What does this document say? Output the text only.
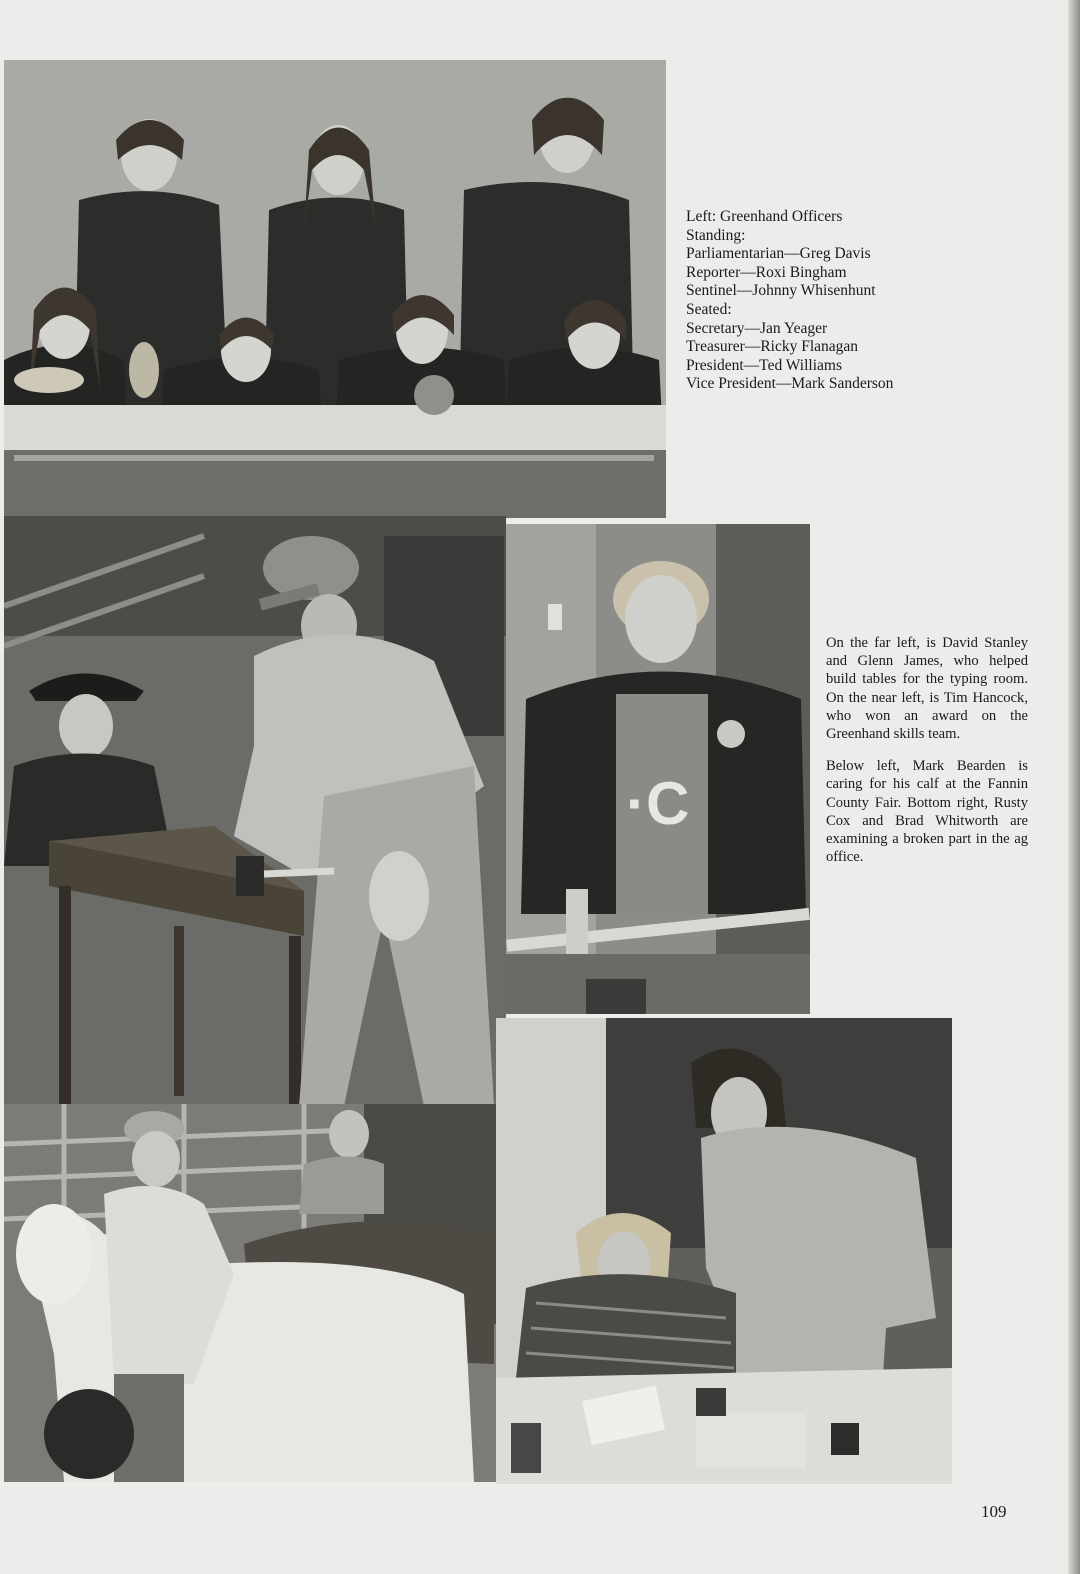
Left: Greenhand Officers
Standing:
Parliamentarian—Greg Davis
Reporter—Roxi Bingham
Sentinel—Johnny Whisenhunt
Seated:
Secretary—Jan Yeager
Treasurer—Ricky Flanagan
President—Ted Williams
Vice President—Mark Sanderson
·C

On the far left, is David Stanley and Glenn James, who helped build tables for the typing room. On the near left, is Tim Hancock, who won an award on the Greenhand skills team.

Below left, Mark Bearden is caring for his calf at the Fannin County Fair. Bottom right, Rusty Cox and Brad Whitworth are examining a broken part in the ag office.

109
